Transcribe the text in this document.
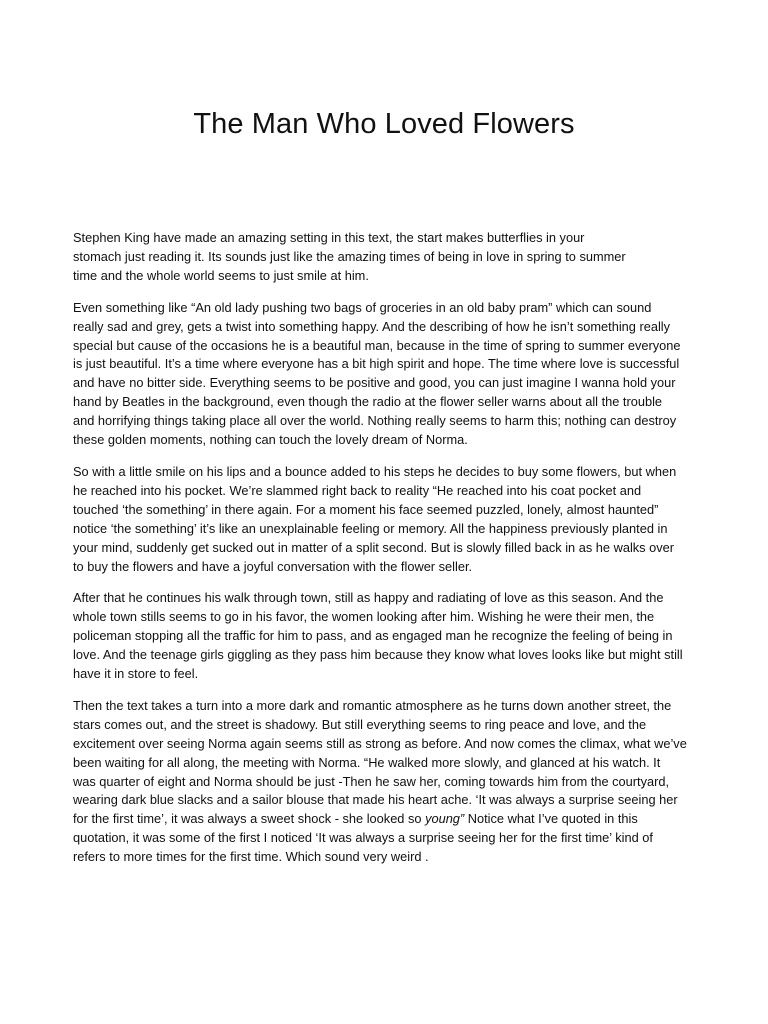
The Man Who Loved Flowers

Stephen King have made an amazing setting in this text, the start makes butterflies in your
stomach just reading it. Its sounds just like the amazing times of being in love in spring to summer
time and the whole world seems to just smile at him.

Even something like “An old lady pushing two bags of groceries in an old baby pram” which can sound
really sad and grey, gets a twist into something happy. And the describing of how he isn’t something really
special but cause of the occasions he is a beautiful man, because in the time of spring to summer everyone
is just beautiful. It’s a time where everyone has a bit high spirit and hope. The time where love is successful
and have no bitter side. Everything seems to be positive and good, you can just imagine I wanna hold your
hand by Beatles in the background, even though the radio at the flower seller warns about all the trouble
and horrifying things taking place all over the world. Nothing really seems to harm this; nothing can destroy
these golden moments, nothing can touch the lovely dream of Norma.

So with a little smile on his lips and a bounce added to his steps he decides to buy some flowers, but when
he reached into his pocket. We’re slammed right back to reality “He reached into his coat pocket and
touched ‘the something’ in there again. For a moment his face seemed puzzled, lonely, almost haunted”
notice ‘the something’ it’s like an unexplainable feeling or memory. All the happiness previously planted in
your mind, suddenly get sucked out in matter of a split second. But is slowly filled back in as he walks over
to buy the flowers and have a joyful conversation with the flower seller.

After that he continues his walk through town, still as happy and radiating of love as this season. And the
whole town stills seems to go in his favor, the women looking after him. Wishing he were their men, the
policeman stopping all the traffic for him to pass, and as engaged man he recognize the feeling of being in
love. And the teenage girls giggling as they pass him because they know what loves looks like but might still
have it in store to feel.

Then the text takes a turn into a more dark and romantic atmosphere as he turns down another street, the
stars comes out, and the street is shadowy. But still everything seems to ring peace and love, and the
excitement over seeing Norma again seems still as strong as before. And now comes the climax, what we’ve
been waiting for all along, the meeting with Norma. “He walked more slowly, and glanced at his watch. It
was quarter of eight and Norma should be just -Then he saw her, coming towards him from the courtyard,
wearing dark blue slacks and a sailor blouse that made his heart ache. ‘It was always a surprise seeing her
for the first time’, it was always a sweet shock - she looked so young” Notice what I’ve quoted in this
quotation, it was some of the first I noticed ‘It was always a surprise seeing her for the first time’ kind of
refers to more times for the first time. Which sound very weird .
